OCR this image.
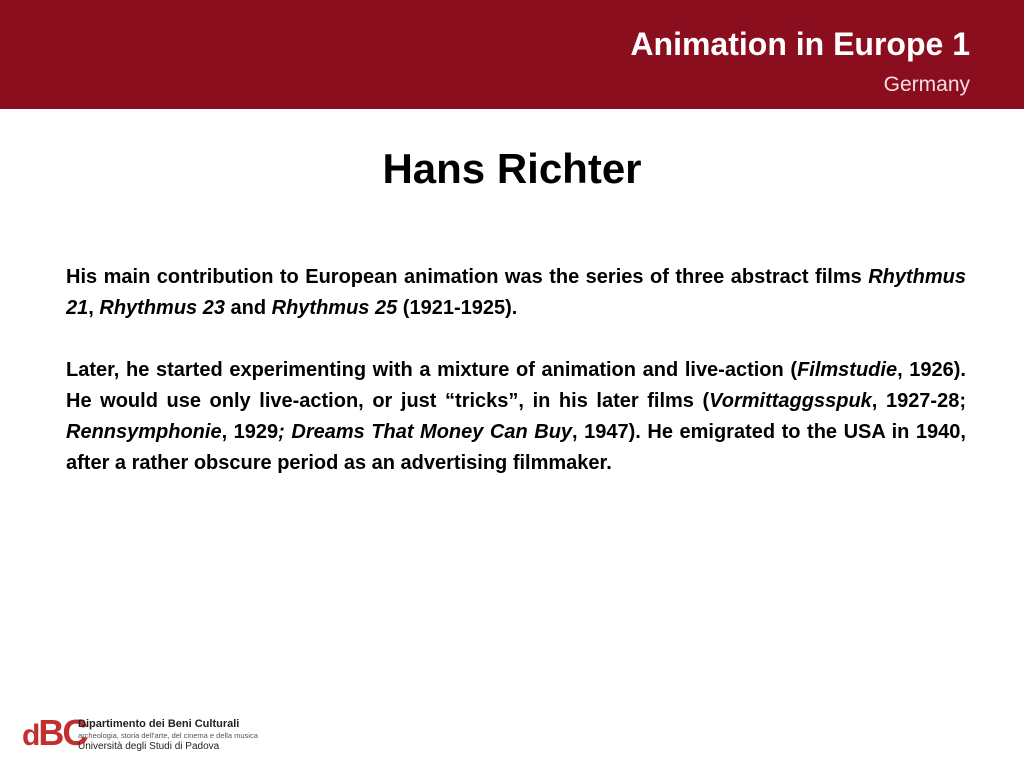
Animation in Europe 1
Germany
Hans Richter

His main contribution to European animation was the series of three abstract films Rhythmus 21, Rhythmus 23 and Rhythmus 25 (1921-1925).

Later, he started experimenting with a mixture of animation and live-action (Filmstudie, 1926). He would use only live-action, or just “tricks”, in his later films (Vormittaggsspuk, 1927-28; Rennsymphonie, 1929; Dreams That Money Can Buy, 1947). He emigrated to the USA in 1940, after a rather obscure period as an advertising filmmaker.

dBC
Dipartimento dei Beni Culturali
archeologia, storia dell'arte, del cinema e della musica
Università degli Studi di Padova
